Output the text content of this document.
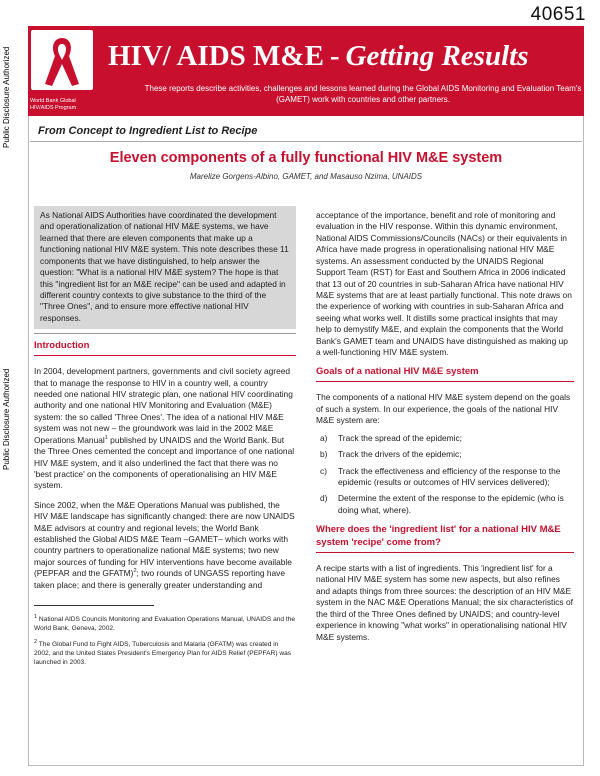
Public Disclosure Authorized
Public Disclosure Authorized
40651
World Bank Global HIV/AIDS Program
HIV/ AIDS M&E - Getting Results
These reports describe activities, challenges and lessons learned during the Global AIDS Monitoring and Evaluation Team's (GAMET) work with countries and other partners.
From Concept to Ingredient List to Recipe
Eleven components of a fully functional HIV M&E system
Marelize Gorgens-Albino, GAMET, and Masauso Nzima, UNAIDS

As National AIDS Authorities have coordinated the development and operationalization of national HIV M&E systems, we have learned that there are eleven components that make up a functioning national HIV M&E system. This note describes these 11 components that we have distinguished, to help answer the question: "What is a national HIV M&E system? The hope is that this "ingredient list for an M&E recipe" can be used and adapted in different country contexts to give substance to the third of the "Three Ones", and to ensure more effective national HIV responses.

Introduction

In 2004, development partners, governments and civil society agreed that to manage the response to HIV in a country well, a country needed one national HIV strategic plan, one national HIV coordinating authority and one national HIV Monitoring and Evaluation (M&E) system: the so called 'Three Ones'. The idea of a national HIV M&E system was not new – the groundwork was laid in the 2002 M&E Operations Manual$^1$ published by UNAIDS and the World Bank. But the Three Ones cemented the concept and importance of one national HIV M&E system, and it also underlined the fact that there was no 'best practice' on the components of operationalising an HIV M&E system.

Since 2002, when the M&E Operations Manual was published, the HIV M&E landscape has significantly changed: there are now UNAIDS M&E advisors at country and regional levels; the World Bank established the Global AIDS M&E Team –GAMET– which works with country partners to operationalize national M&E systems; two new major sources of funding for HIV interventions have become available (PEPFAR and the GFATM)$^2$; two rounds of UNGASS reporting have taken place; and there is generally greater understanding and

$^1$ National AIDS Councils Monitoring and Evaluation Operations Manual, UNAIDS and the World Bank, Geneva, 2002.
$^2$ The Global Fund to Fight AIDS, Tuberculosis and Malaria (GFATM) was created in 2002, and the United States President's Emergency Plan for AIDS Relief (PEPFAR) was launched in 2003.

acceptance of the importance, benefit and role of monitoring and evaluation in the HIV response. Within this dynamic environment, National AIDS Commissions/Councils (NACs) or their equivalents in Africa have made progress in operationalising national HIV M&E systems. An assessment conducted by the UNAIDS Regional Support Team (RST) for East and Southern Africa in 2006 indicated that 13 out of 20 countries in sub-Saharan Africa have national HIV M&E systems that are at least partially functional. This note draws on the experience of working with countries in sub-Saharan Africa and seeing what works well. It distills some practical insights that may help to demystify M&E, and explain the components that the World Bank's GAMET team and UNAIDS have distinguished as making up a well-functioning HIV M&E system.

Goals of a national HIV M&E system

The components of a national HIV M&E system depend on the goals of such a system. In our experience, the goals of the national HIV M&E system are:

a)	Track the spread of the epidemic;
b)	Track the drivers of the epidemic;
c)	Track the effectiveness and efficiency of the response to the epidemic (results or outcomes of HIV services delivered);
d)	Determine the extent of the response to the epidemic (who is doing what, where).
Where does the 'ingredient list' for a national HIV M&E system 'recipe' come from?

A recipe starts with a list of ingredients. This 'ingredient list' for a national HIV M&E system has some new aspects, but also refines and adapts things from three sources: the description of an HIV M&E system in the NAC M&E Operations Manual; the six characteristics of the third of the Three Ones defined by UNAIDS; and country-level experience in knowing "what works" in operationalising national HIV M&E systems.
